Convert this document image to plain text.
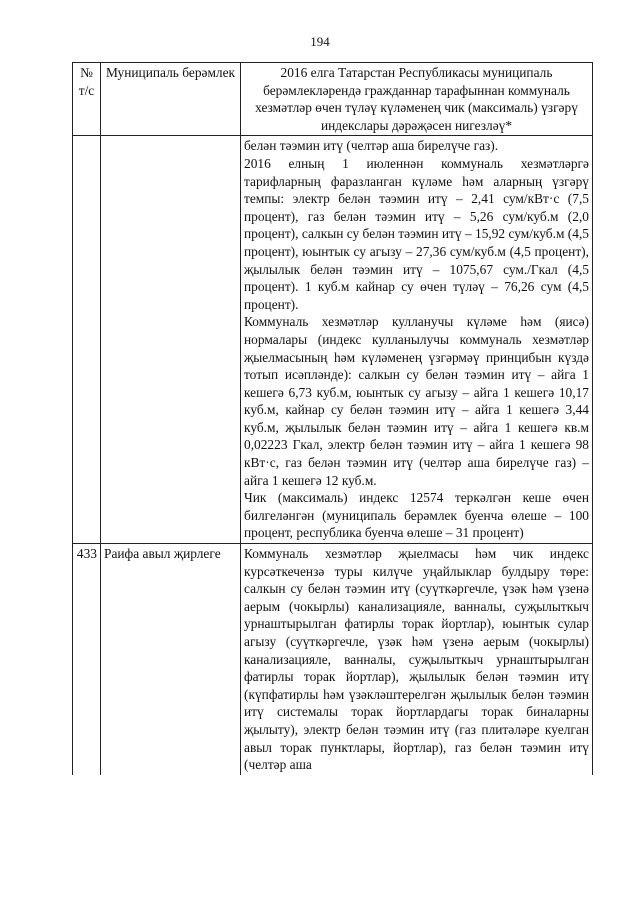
194
№ т/с	Муниципаль берәмлек	2016 елга Татарстан Республикасы муниципаль берәмлекләрендә гражданнар тарафыннан коммуналь хезмәтләр өчен түләү күләменең чик (максималь) үзгәрү индекслары дәрәҗәсен нигезләү*

		белән тәэмин итү (челтәр аша бирелүче газ).

2016 елның 1 июленнән коммуналь хезмәтләргә тарифларның фаразланган күләме һәм аларның үзгәрү темпы: электр белән тәэмин итү – 2,41 сум/кВт·с (7,5 процент), газ белән тәэмин итү – 5,26 сум/куб.м (2,0 процент), салкын су белән тәэмин итү – 15,92 сум/куб.м (4,5 процент), юынтык су агызу – 27,36 сум/куб.м (4,5 процент), җылылык белән тәэмин итү – 1075,67 сум./Гкал (4,5 процент). 1 куб.м кайнар су өчен түләү – 76,26 сум (4,5 процент).

Коммуналь хезмәтләр кулланучы күләме һәм (яисә) нормалары (индекс кулланылучы коммуналь хезмәтләр җыелмасының һәм күләменең үзгәрмәү принцибын күздә тотып исәпләнде): салкын су белән тәэмин итү – айга 1 кешегә 6,73 куб.м, юынтык су агызу – айга 1 кешегә 10,17 куб.м, кайнар су белән тәэмин итү – айга 1 кешегә 3,44 куб.м, җылылык белән тәэмин итү – айга 1 кешегә кв.м 0,02223 Гкал, электр белән тәэмин итү – айга 1 кешегә 98 кВт·с, газ белән тәэмин итү (челтәр аша бирелүче газ) – айга 1 кешегә 12 куб.м.

Чик (максималь) индекс 12574 теркәлгән кеше өчен билгеләнгән (муниципаль берәмлек буенча өлеше – 100 процент, республика буенча өлеше – 31 процент)

433	Раифа авыл җирлеге	Коммуналь хезмәтләр җыелмасы һәм чик индекс курсәткечензә туры килүче уңайлыклар булдыру төре: салкын су белән тәэмин итү (суүткәргечле, үзәк һәм үзенә аерым (чокырлы) канализацияле, ванналы, суҗылыткыч урнаштырылган фатирлы торак йортлар), юынтык сулар агызу (суүткәргечле, үзәк һәм үзенә аерым (чокырлы) канализацияле, ванналы, суҗылыткыч урнаштырылган фатирлы торак йортлар), җылылык белән тәэмин итү (күпфатирлы һәм үзәкләштерелгән җылылык белән тәэмин итү системалы торак йортлардагы торак биналарны җылыту), электр белән тәэмин итү (газ плитәләре куелган авыл торак пунктлары, йортлар), газ белән тәэмин итү (челтәр аша
